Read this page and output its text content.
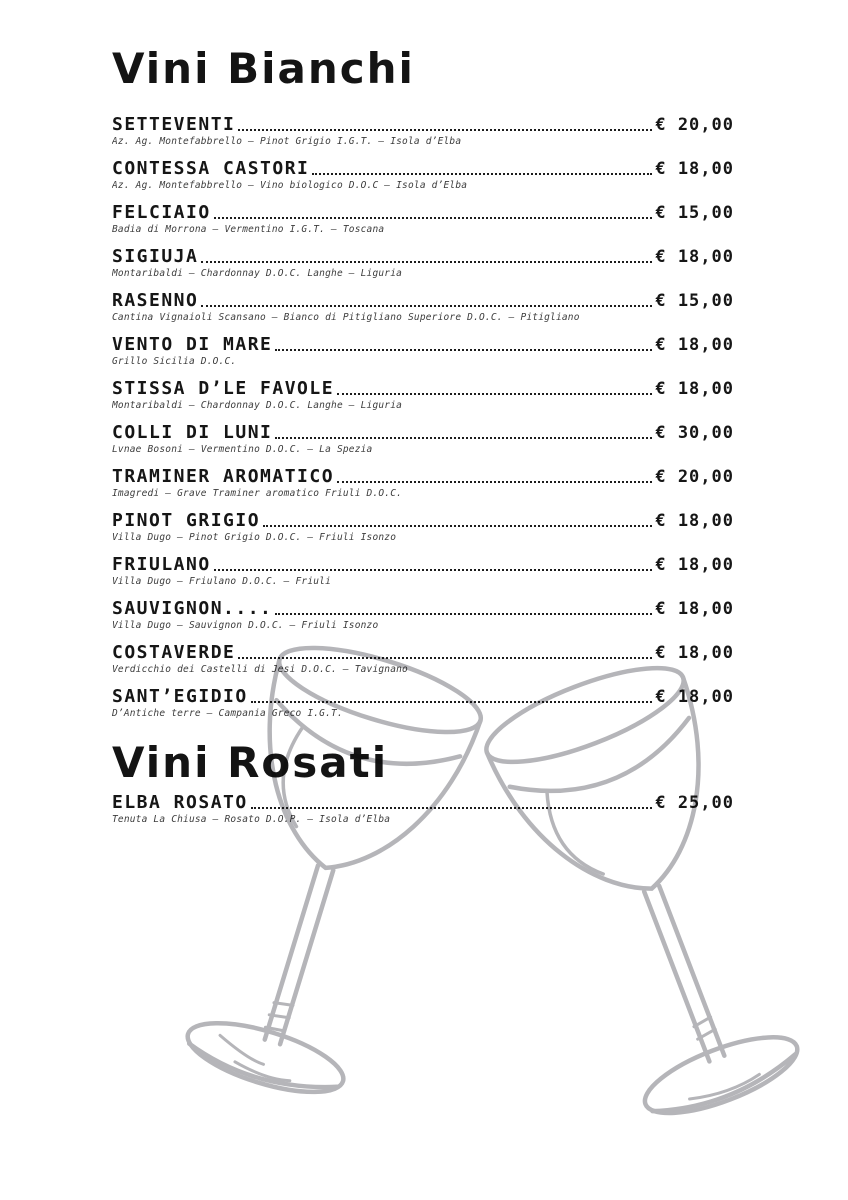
Vini Bianchi
SETTEVENTI	€ 20,00
Az. Ag. Montefabbrello – Pinot Grigio I.G.T. – Isola d’Elba
CONTESSA CASTORI	€ 18,00
Az. Ag. Montefabbrello – Vino biologico D.O.C – Isola d’Elba
FELCIAIO	€ 15,00
Badia di Morrona – Vermentino I.G.T. – Toscana
SIGIUJA	€ 18,00
Montaribaldi – Chardonnay D.O.C. Langhe – Liguria
RASENNO	€ 15,00
Cantina Vignaioli Scansano – Bianco di Pitigliano Superiore D.O.C. – Pitigliano
VENTO DI MARE	€ 18,00
Grillo Sicilia D.O.C.
STISSA D’LE FAVOLE	€ 18,00
Montaribaldi – Chardonnay D.O.C. Langhe – Liguria
COLLI DI LUNI	€ 30,00
Lvnae Bosoni – Vermentino D.O.C. – La Spezia
TRAMINER AROMATICO	€ 20,00
Imagredi – Grave Traminer aromatico Friuli D.O.C.
PINOT GRIGIO	€ 18,00
Villa Dugo – Pinot Grigio D.O.C. – Friuli Isonzo
FRIULANO	€ 18,00
Villa Dugo – Friulano D.O.C. – Friuli
SAUVIGNON....	€ 18,00
Villa Dugo – Sauvignon D.O.C. – Friuli Isonzo
COSTAVERDE	€ 18,00
Verdicchio dei Castelli di Jesi D.O.C. – Tavignano
SANT’EGIDIO	€ 18,00
D’Antiche terre – Campania Greco I.G.T.
Vini Rosati
ELBA ROSATO	€ 25,00
Tenuta La Chiusa – Rosato D.O.P. – Isola d’Elba
